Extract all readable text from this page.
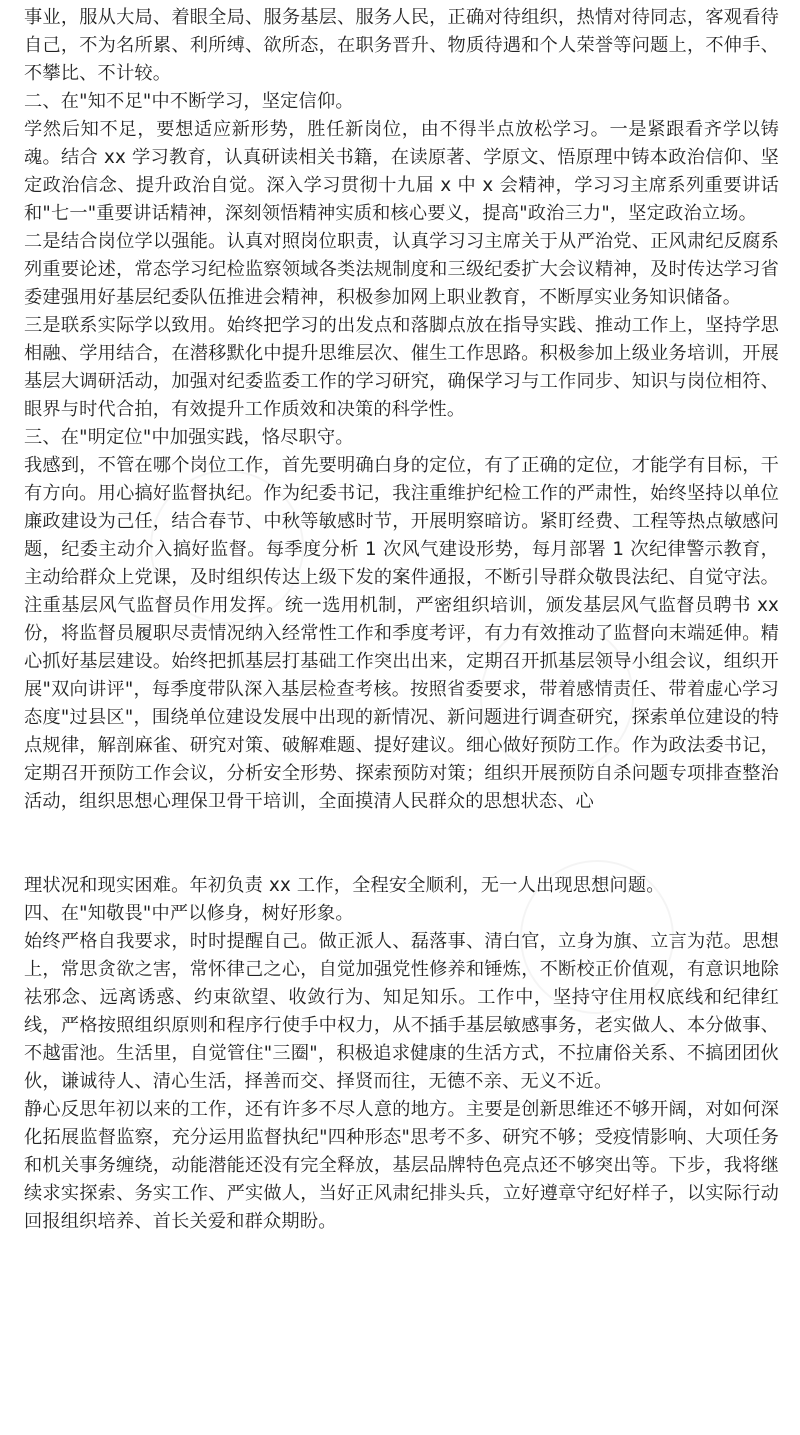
事业，服从大局、着眼全局、服务基层、服务人民，正确对待组织，热情对待同志，客观看待自己，不为名所累、利所缚、欲所态，在职务晋升、物质待遇和个人荣誉等问题上，不伸手、不攀比、不计较。

二、在"知不足"中不断学习，坚定信仰。

学然后知不足，要想适应新形势，胜任新岗位，由不得半点放松学习。一是紧跟看齐学以铸魂。结合 xx 学习教育，认真研读相关书籍，在读原著、学原文、悟原理中铸本政治信仰、坚定政治信念、提升政治自觉。深入学习贯彻十九届 x 中 x 会精神，学习习主席系列重要讲话和"七一"重要讲话精神，深刻领悟精神实质和核心要义，提高"政治三力"，坚定政治立场。

二是结合岗位学以强能。认真对照岗位职责，认真学习习主席关于从严治党、正风肃纪反腐系列重要论述，常态学习纪检监察领域各类法规制度和三级纪委扩大会议精神，及时传达学习省委建强用好基层纪委队伍推进会精神，积极参加网上职业教育，不断厚实业务知识储备。

三是联系实际学以致用。始终把学习的出发点和落脚点放在指导实践、推动工作上，坚持学思相融、学用结合，在潜移默化中提升思维层次、催生工作思路。积极参加上级业务培训，开展基层大调研活动，加强对纪委监委工作的学习研究，确保学习与工作同步、知识与岗位相符、眼界与时代合拍，有效提升工作质效和决策的科学性。

三、在"明定位"中加强实践，恪尽职守。

我感到，不管在哪个岗位工作，首先要明确白身的定位，有了正确的定位，才能学有目标，干有方向。用心搞好监督执纪。作为纪委书记，我注重维护纪检工作的严肃性，始终坚持以单位廉政建设为己任，结合春节、中秋等敏感时节，开展明察暗访。紧盯经费、工程等热点敏感问题，纪委主动介入搞好监督。每季度分析 1 次风气建设形势，每月部署 1 次纪律警示教育，主动给群众上党课，及时组织传达上级下发的案件通报，不断引导群众敬畏法纪、自觉守法。注重基层风气监督员作用发挥。统一选用机制，严密组织培训，颁发基层风气监督员聘书 xx 份，将监督员履职尽责情况纳入经常性工作和季度考评，有力有效推动了监督向末端延伸。精心抓好基层建设。始终把抓基层打基础工作突出出来，定期召开抓基层领导小组会议，组织开展"双向讲评"，每季度带队深入基层检查考核。按照省委要求，带着感情责任、带着虚心学习态度"过县区"，围绕单位建设发展中出现的新情况、新问题进行调查研究，探索单位建设的特点规律，解剖麻雀、研究对策、破解难题、提好建议。细心做好预防工作。作为政法委书记，定期召开预防工作会议，分析安全形势、探索预防对策；组织开展预防自杀问题专项排查整治活动，组织思想心理保卫骨干培训，全面摸清人民群众的思想状态、心

理状况和现实困难。年初负责 xx 工作，全程安全顺利，无一人出现思想问题。

四、在"知敬畏"中严以修身，树好形象。

始终严格自我要求，时时提醒自己。做正派人、磊落事、清白官，立身为旗、立言为范。思想上，常思贪欲之害，常怀律己之心，自觉加强党性修养和锤炼，不断校正价值观，有意识地除祛邪念、远离诱惑、约束欲望、收敛行为、知足知乐。工作中，坚持守住用权底线和纪律红线，严格按照组织原则和程序行使手中权力，从不插手基层敏感事务，老实做人、本分做事、不越雷池。生活里，自觉管住"三圈"，积极追求健康的生活方式，不拉庸俗关系、不搞团团伙伙，谦诚待人、清心生活，择善而交、择贤而往，无德不亲、无义不近。

静心反思年初以来的工作，还有许多不尽人意的地方。主要是创新思维还不够开阔，对如何深化拓展监督监察，充分运用监督执纪"四种形态"思考不多、研究不够；受疫情影响、大项任务和机关事务缠绕，动能潜能还没有完全释放，基层品牌特色亮点还不够突出等。下步，我将继续求实探索、务实工作、严实做人，当好正风肃纪排头兵，立好遵章守纪好样子，以实际行动回报组织培养、首长关爱和群众期盼。
